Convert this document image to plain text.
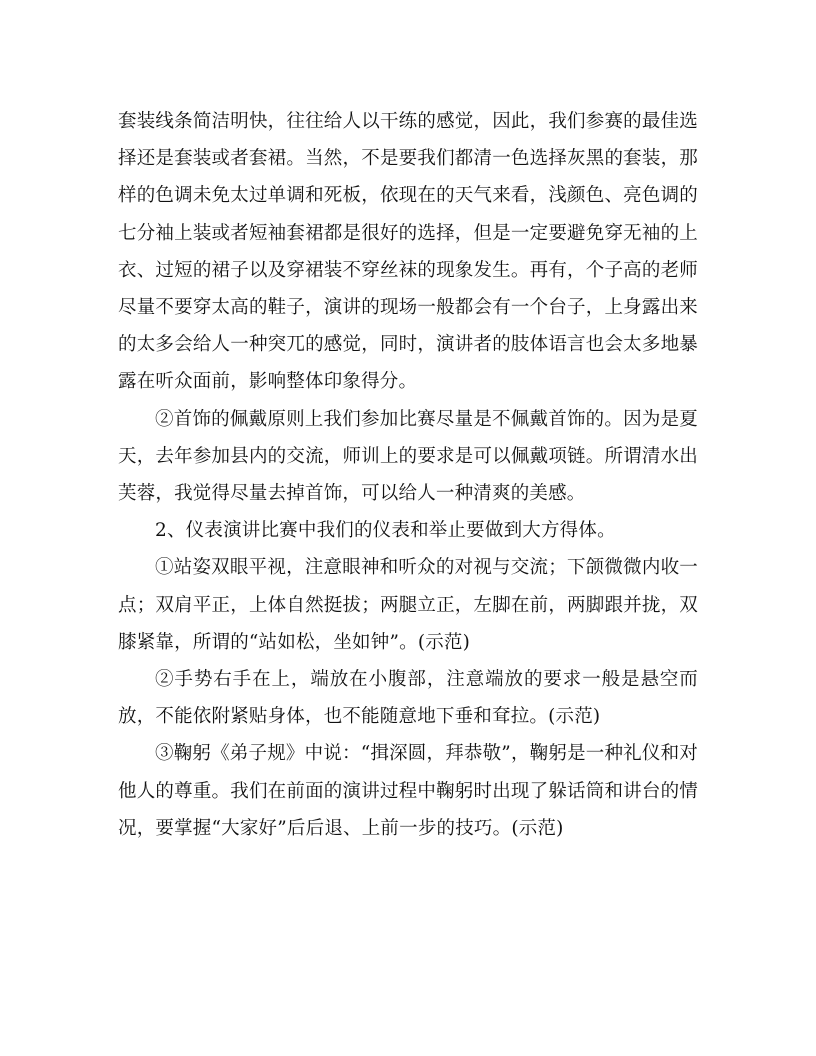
套装线条简洁明快，往往给人以干练的感觉，因此，我们参赛的最佳选择还是套装或者套裙。当然，不是要我们都清一色选择灰黑的套装，那样的色调未免太过单调和死板，依现在的天气来看，浅颜色、亮色调的七分袖上装或者短袖套裙都是很好的选择，但是一定要避免穿无袖的上衣、过短的裙子以及穿裙装不穿丝袜的现象发生。再有，个子高的老师尽量不要穿太高的鞋子，演讲的现场一般都会有一个台子，上身露出来的太多会给人一种突兀的感觉，同时，演讲者的肢体语言也会太多地暴露在听众面前，影响整体印象得分。

②首饰的佩戴原则上我们参加比赛尽量是不佩戴首饰的。因为是夏天，去年参加县内的交流，师训上的要求是可以佩戴项链。所谓清水出芙蓉，我觉得尽量去掉首饰，可以给人一种清爽的美感。

2、仪表演讲比赛中我们的仪表和举止要做到大方得体。

①站姿双眼平视，注意眼神和听众的对视与交流；下颌微微内收一点；双肩平正，上体自然挺拔；两腿立正，左脚在前，两脚跟并拢，双膝紧靠，所谓的“站如松，坐如钟”。(示范)

②手势右手在上，端放在小腹部，注意端放的要求一般是悬空而放，不能依附紧贴身体，也不能随意地下垂和耷拉。(示范)

③鞠躬《弟子规》中说：“揖深圆，拜恭敬”，鞠躬是一种礼仪和对他人的尊重。我们在前面的演讲过程中鞠躬时出现了躲话筒和讲台的情况，要掌握“大家好”后后退、上前一步的技巧。(示范)
